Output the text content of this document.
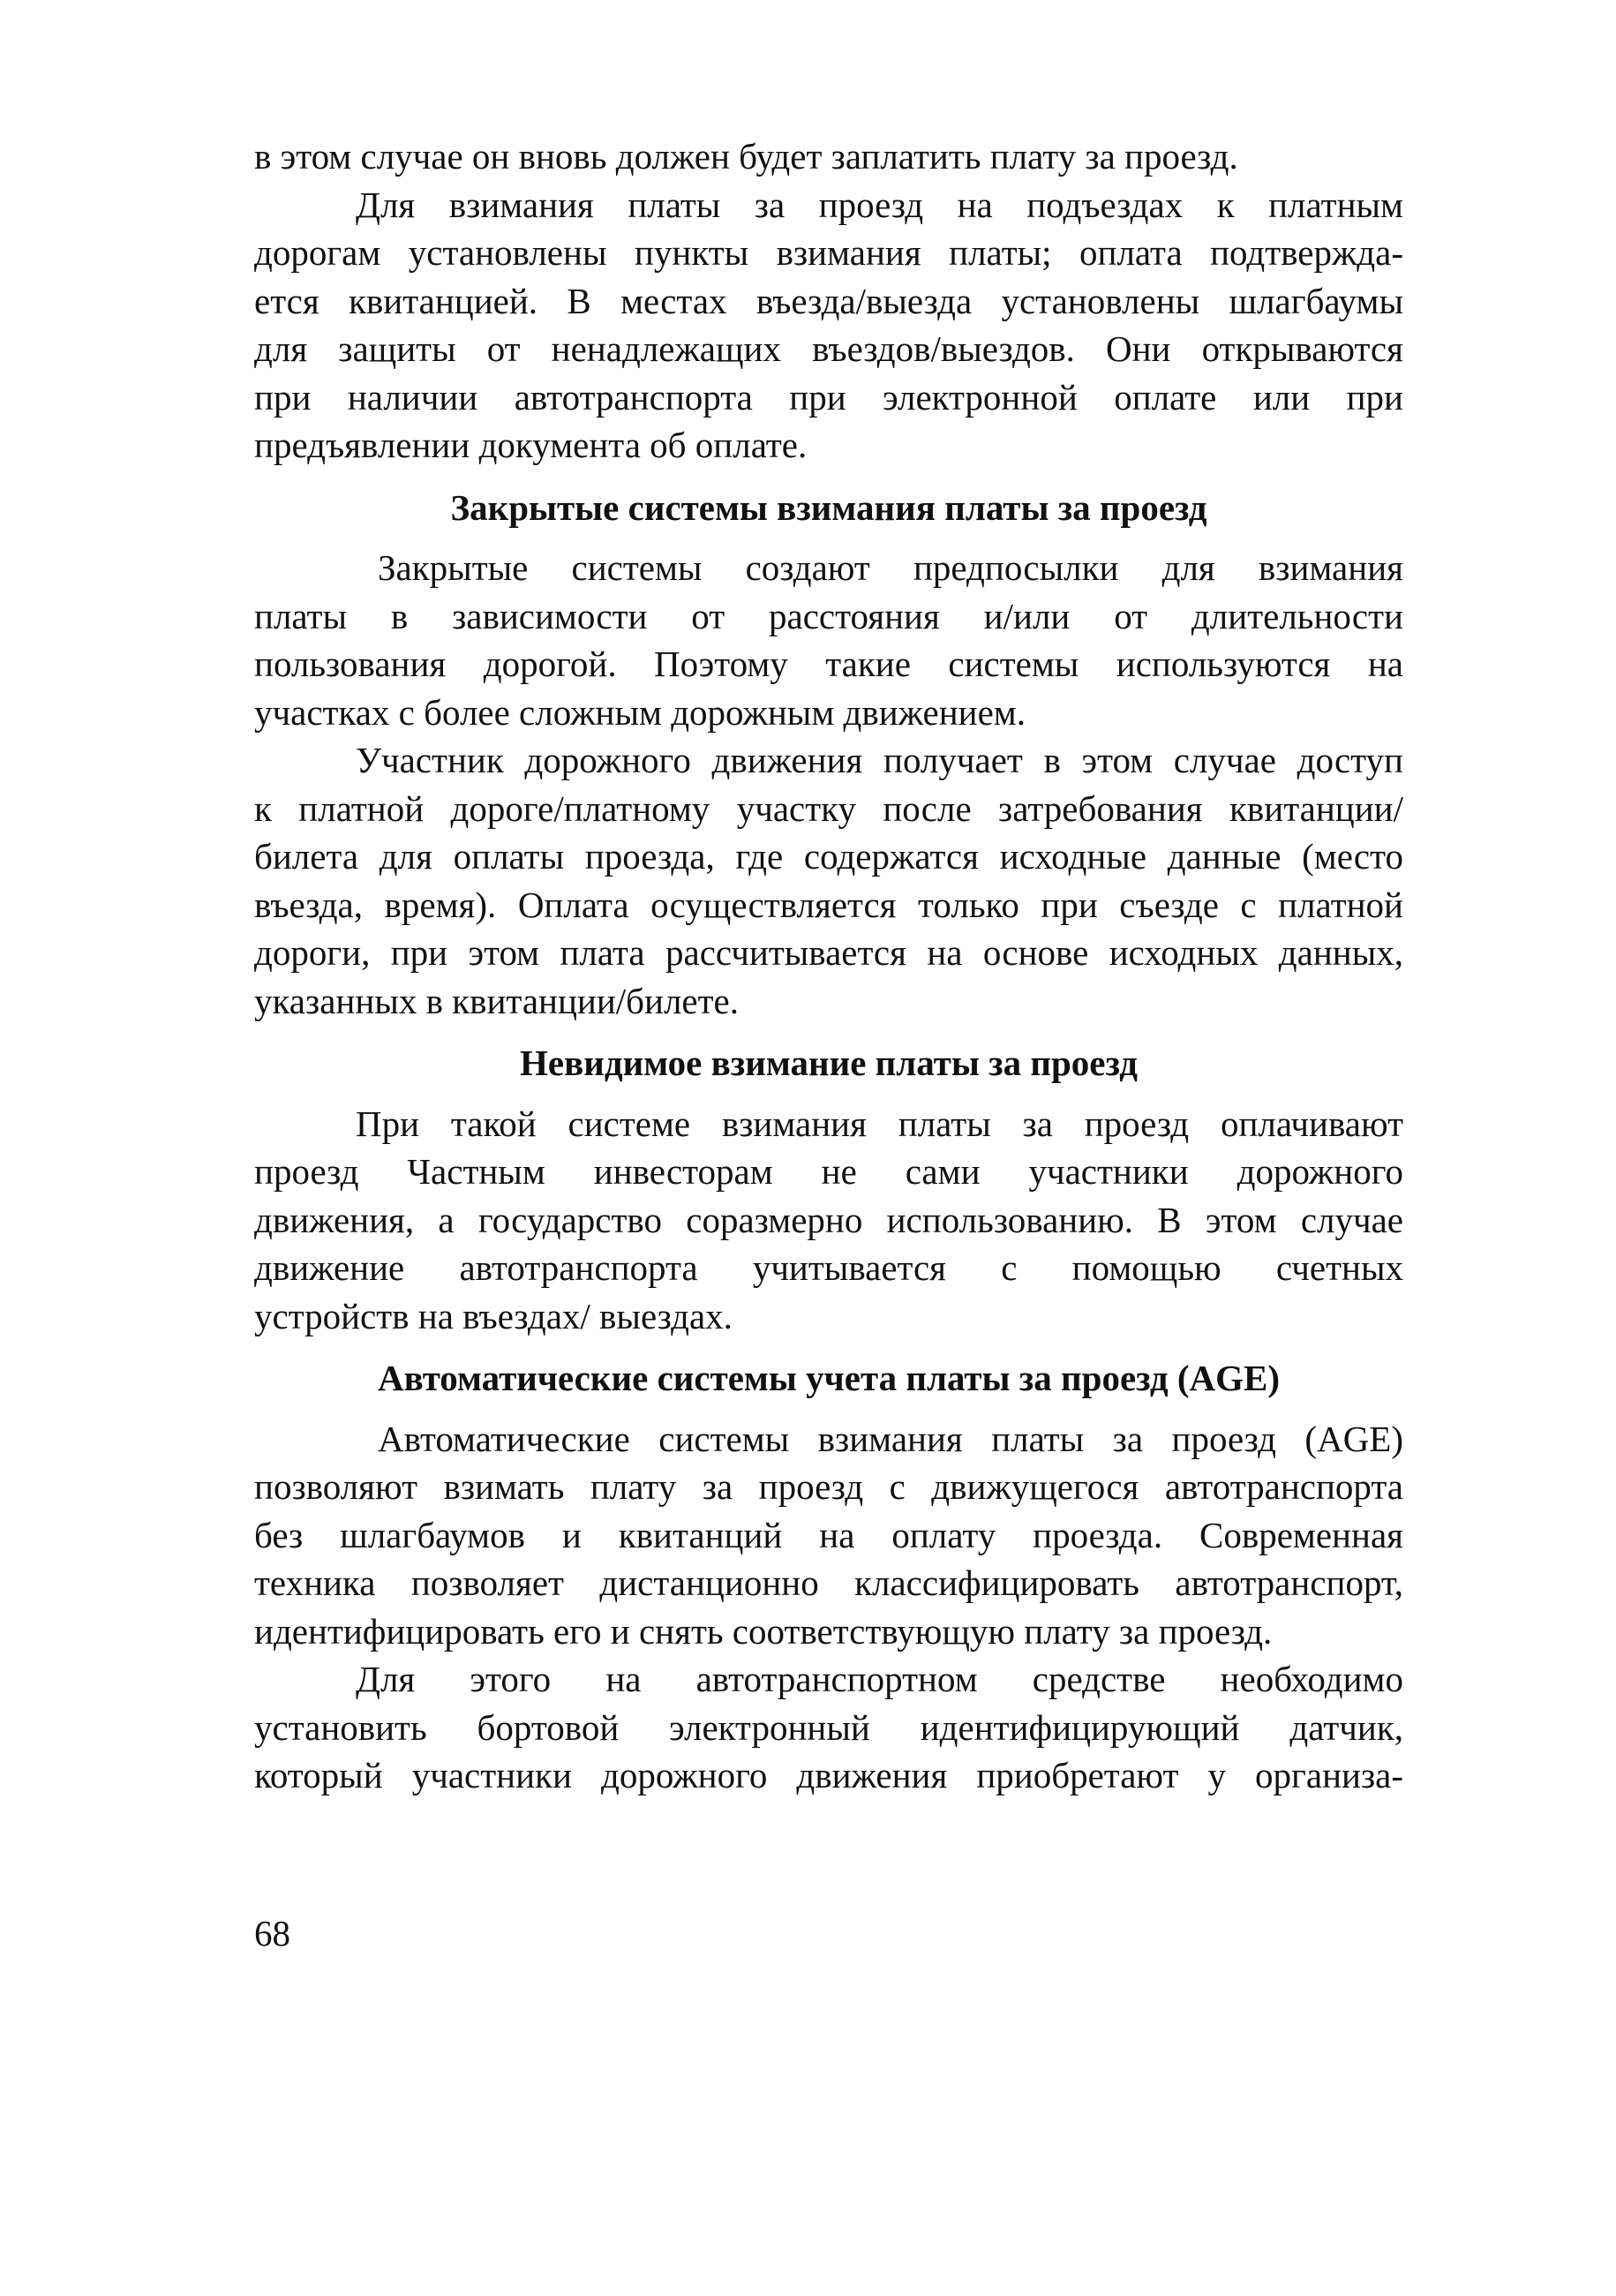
в этом случае он вновь должен будет заплатить плату за проезд.
Для взимания платы за проезд на подъездах к платным
дорогам установлены пункты взимания платы; оплата подтвержда-
ется квитанцией. В местах въезда/выезда установлены шлагбаумы
для защиты от ненадлежащих въездов/выездов. Они открываются
при наличии автотранспорта при электронной оплате или при
предъявлении документа об оплате.
Закрытые системы взимания платы за проезд
Закрытые системы создают предпосылки для взимания
платы в зависимости от расстояния и/или от длительности
пользования дорогой. Поэтому такие системы используются на
участках с более сложным дорожным движением.
Участник дорожного движения получает в этом случае доступ
к платной дороге/платному участку после затребования квитанции/
билета для оплаты проезда, где содержатся исходные данные (место
въезда, время). Оплата осуществляется только при съезде с платной
дороги, при этом плата рассчитывается на основе исходных данных,
указанных в квитанции/билете.
Невидимое взимание платы за проезд
При такой системе взимания платы за проезд оплачивают
проезд Частным инвесторам не сами участники дорожного
движения, а государство соразмерно использованию. В этом случае
движение автотранспорта учитывается с помощью счетных
устройств на въездах/ выездах.
Автоматические системы учета платы за проезд (AGE)
Автоматические системы взимания платы за проезд (AGE)
позволяют взимать плату за проезд с движущегося автотранспорта
без шлагбаумов и квитанций на оплату проезда. Современная
техника позволяет дистанционно классифицировать автотранспорт,
идентифицировать его и снять соответствующую плату за проезд.
Для этого на автотранспортном средстве необходимо
установить бортовой электронный идентифицирующий датчик,
который участники дорожного движения приобретают у организа-
68
